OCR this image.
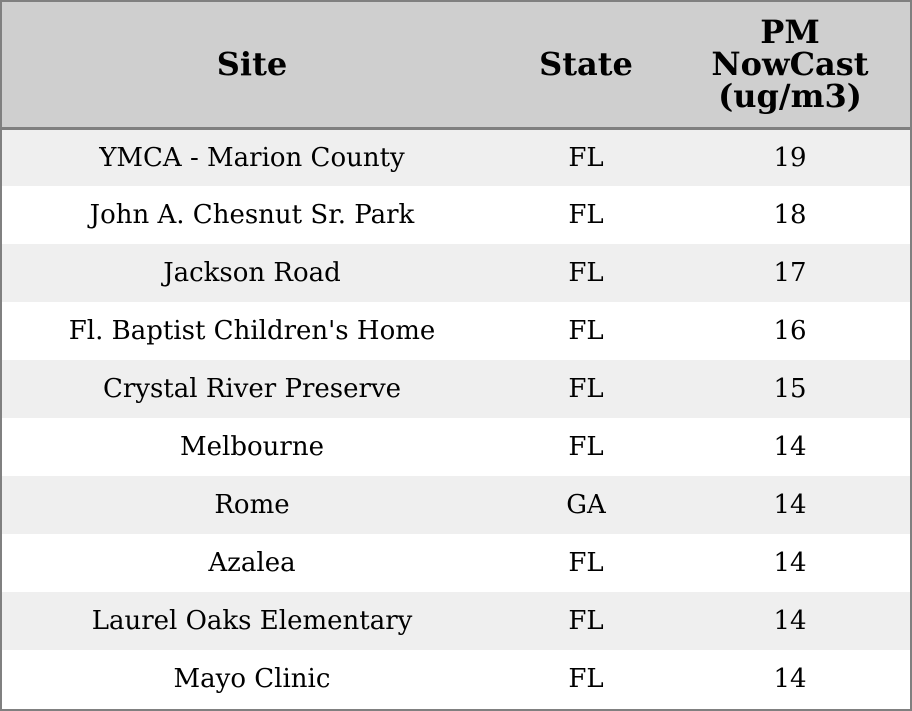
Site	State	PM
NowCast
(ug/m3)

YMCA - Marion County	FL	19
John A. Chesnut Sr. Park	FL	18
Jackson Road	FL	17
Fl. Baptist Children's Home	FL	16
Crystal River Preserve	FL	15
Melbourne	FL	14
Rome	GA	14
Azalea	FL	14
Laurel Oaks Elementary	FL	14
Mayo Clinic	FL	14
